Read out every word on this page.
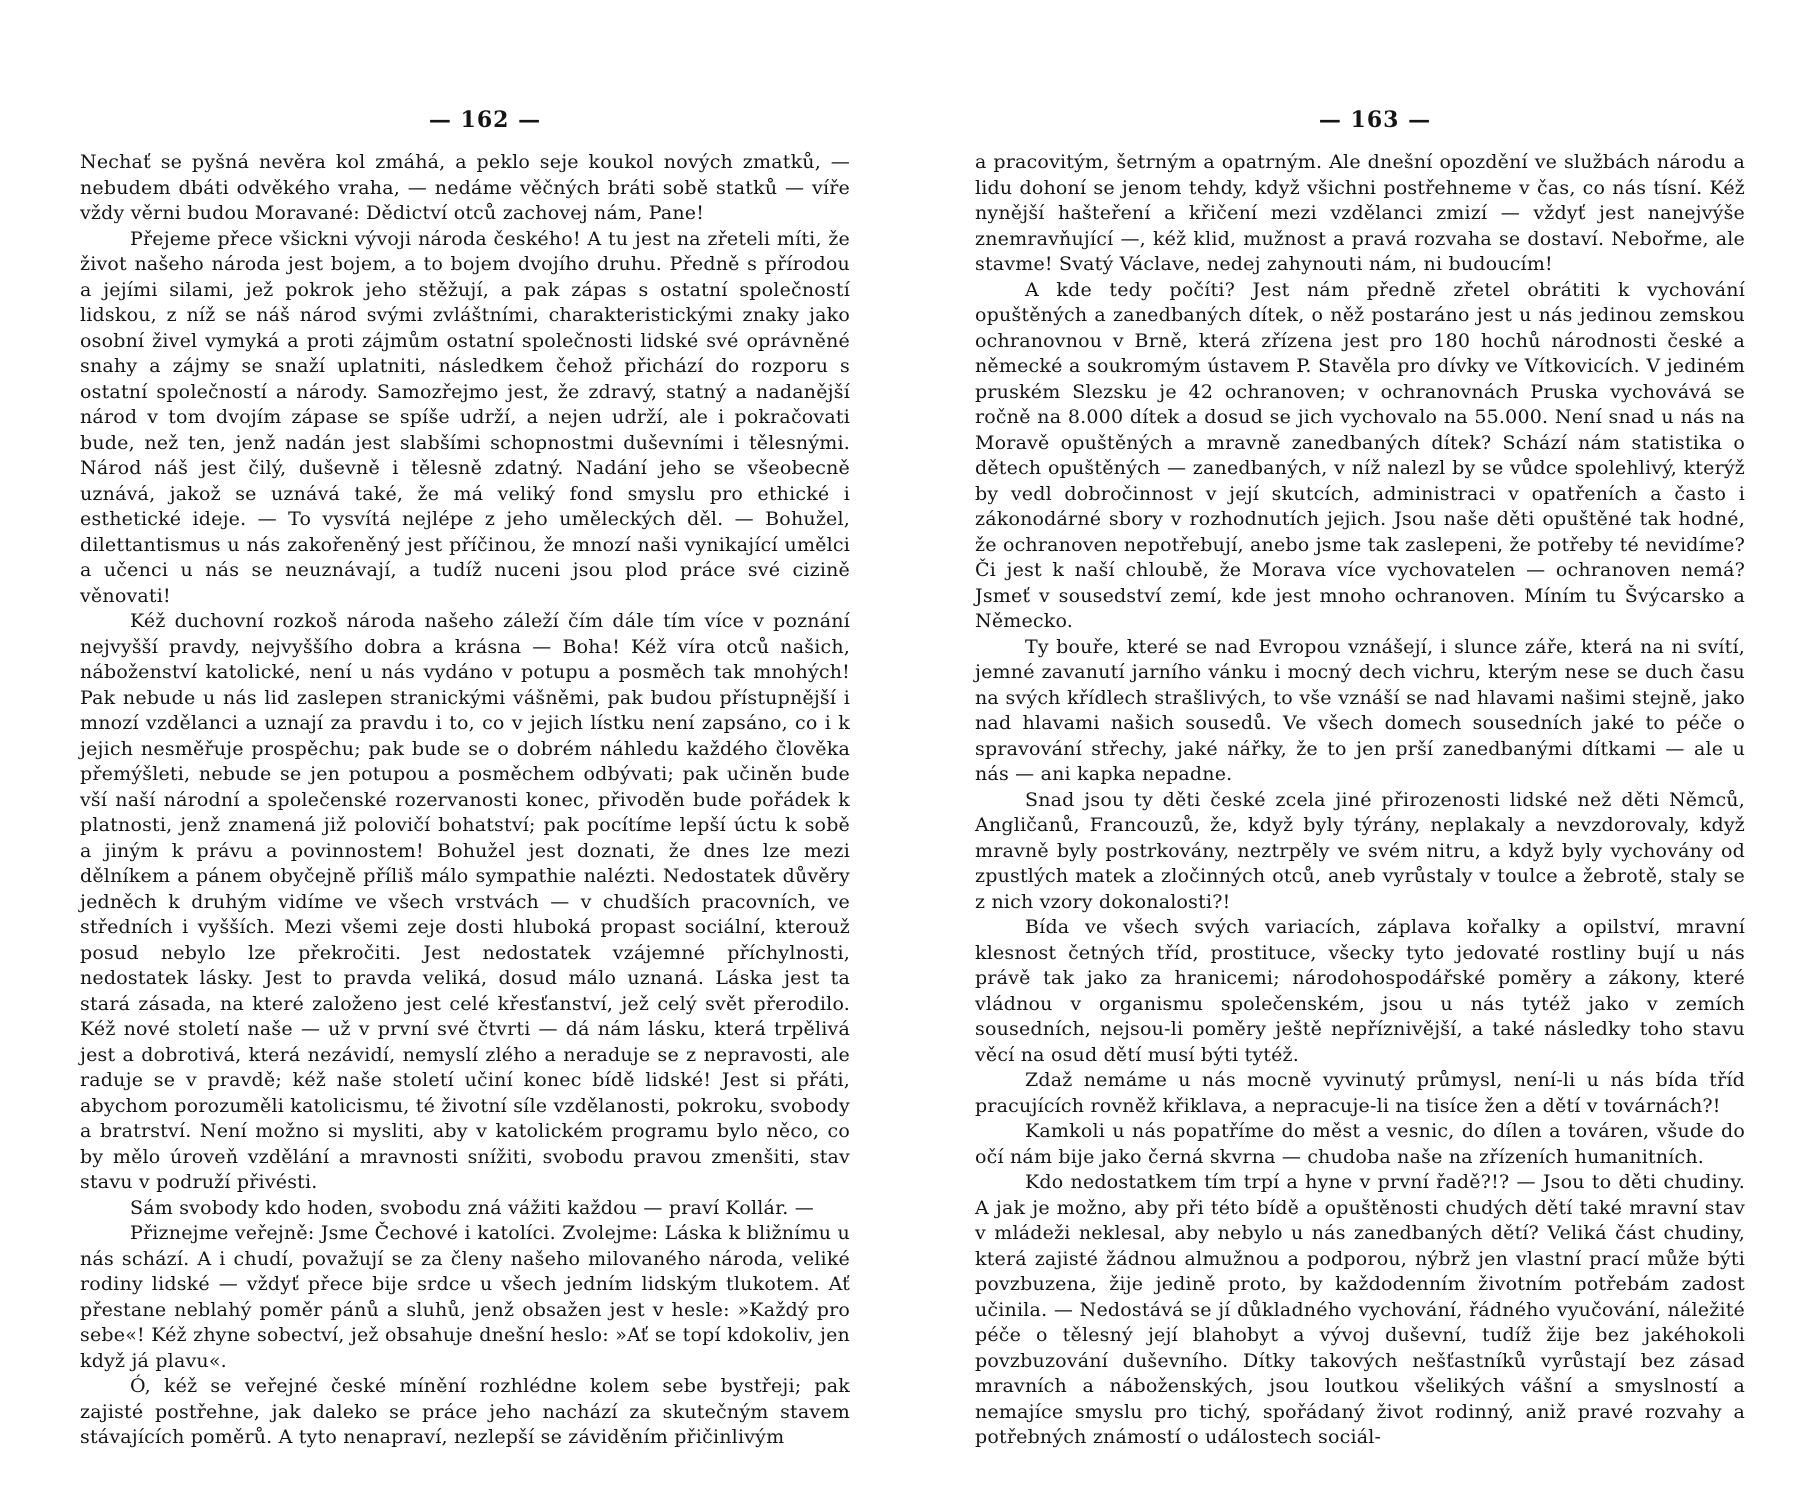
— 162 —

Nechať se pyšná nevěra kol zmáhá, a peklo seje koukol nových zmatků, — nebudem dbáti odvěkého vraha, — nedáme věčných bráti sobě statků — víře vždy věrni budou Moravané: Dědictví otců zachovej nám, Pane!

Přejeme přece všickni vývoji národa českého! A tu jest na zřeteli míti, že život našeho národa jest bojem, a to bojem dvojího druhu. Předně s přírodou a jejími silami, jež pokrok jeho stěžují, a pak zápas s ostatní společností lidskou, z níž se náš národ svými zvláštními, charakteristickými znaky jako osobní živel vymyká a proti zájmům ostatní společnosti lidské své oprávněné snahy a zájmy se snaží uplatniti, následkem čehož přichází do rozporu s ostatní společností a národy. Samozřejmo jest, že zdravý, statný a nadanější národ v tom dvojím zápase se spíše udrží, a nejen udrží, ale i pokračovati bude, než ten, jenž nadán jest slabšími schopnostmi duševními i tělesnými. Národ náš jest čilý, duševně i tělesně zdatný. Nadání jeho se všeobecně uznává, jakož se uznává také, že má veliký fond smyslu pro ethické i esthetické ideje. — To vysvítá nejlépe z jeho uměleckých děl. — Bohužel, dilettantismus u nás zakořeněný jest příčinou, že mnozí naši vynikající umělci a učenci u nás se neuznávají, a tudíž nuceni jsou plod práce své cizině věnovati!

Kéž duchovní rozkoš národa našeho záleží čím dále tím více v poznání nejvyšší pravdy, nejvyššího dobra a krásna — Boha! Kéž víra otců našich, náboženství katolické, není u nás vydáno v potupu a posměch tak mnohých! Pak nebude u nás lid zaslepen stranickými vášněmi, pak budou přístupnější i mnozí vzdělanci a uznají za pravdu i to, co v jejich lístku není zapsáno, co i k jejich nesměřuje prospěchu; pak bude se o dobrém náhledu každého člověka přemýšleti, nebude se jen potupou a posměchem odbývati; pak učiněn bude vší naší národní a společenské rozervanosti konec, přivoděn bude pořádek k platnosti, jenž znamená již polovičí bohatství; pak pocítíme lepší úctu k sobě a jiným k právu a povinnostem! Bohužel jest doznati, že dnes lze mezi dělníkem a pánem obyčejně příliš málo sympathie nalézti. Nedostatek důvěry jedněch k druhým vidíme ve všech vrstvách — v chudších pracovních, ve středních i vyšších. Mezi všemi zeje dosti hluboká propast sociální, kterouž posud nebylo lze překročiti. Jest nedostatek vzájemné příchylnosti, nedostatek lásky. Jest to pravda veliká, dosud málo uznaná. Láska jest ta stará zásada, na které založeno jest celé křesťanství, jež celý svět přerodilo. Kéž nové století naše — už v první své čtvrti — dá nám lásku, která trpělivá jest a dobrotivá, která nezávidí, nemyslí zlého a neraduje se z nepravosti, ale raduje se v pravdě; kéž naše století učiní konec bídě lidské! Jest si přáti, abychom porozuměli katolicismu, té životní síle vzdělanosti, pokroku, svobody a bratrství. Není možno si mysliti, aby v katolickém programu bylo něco, co by mělo úroveň vzdělání a mravnosti snížiti, svobodu pravou zmenšiti, stav stavu v podruží přivésti.

Sám svobody kdo hoden, svobodu zná vážiti každou — praví Kollár. —

Přiznejme veřejně: Jsme Čechové i katolíci. Zvolejme: Láska k bližnímu u nás schází. A i chudí, považují se za členy našeho milovaného národa, veliké rodiny lidské — vždyť přece bije srdce u všech jedním lidským tlukotem. Ať přestane neblahý poměr pánů a sluhů, jenž obsažen jest v hesle: »Každý pro sebe«! Kéž zhyne sobectví, jež obsahuje dnešní heslo: »Ať se topí kdokoliv, jen když já plavu«.

Ó, kéž se veřejné české mínění rozhlédne kolem sebe bystřeji; pak zajisté postřehne, jak daleko se práce jeho nachází za skutečným stavem stávajících poměrů. A tyto nenapraví, nezlepší se záviděním přičinlivým

— 163 —

a pracovitým, šetrným a opatrným. Ale dnešní opozdění ve službách národu a lidu dohoní se jenom tehdy, když všichni postřehneme v čas, co nás tísní. Kéž nynější hašteření a křičení mezi vzdělanci zmizí — vždyť jest nanejvýše znemravňující —, kéž klid, mužnost a pravá rozvaha se dostaví. Nebořme, ale stavme! Svatý Václave, nedej zahynouti nám, ni budoucím!

A kde tedy počíti? Jest nám předně zřetel obrátiti k vychování opuštěných a zanedbaných dítek, o něž postaráno jest u nás jedinou zemskou ochranovnou v Brně, která zřízena jest pro 180 hochů národnosti české a německé a soukromým ústavem P. Stavěla pro dívky ve Vítkovicích. V jediném pruském Slezsku je 42 ochranoven; v ochranovnách Pruska vychovává se ročně na 8.000 dítek a dosud se jich vychovalo na 55.000. Není snad u nás na Moravě opuštěných a mravně zanedbaných dítek? Schází nám statistika o dětech opuštěných — zanedbaných, v níž nalezl by se vůdce spolehlivý, kterýž by vedl dobročinnost v její skutcích, administraci v opatřeních a často i zákonodárné sbory v rozhodnutích jejich. Jsou naše děti opuštěné tak hodné, že ochranoven nepotřebují, anebo jsme tak zaslepeni, že potřeby té nevidíme? Či jest k naší chloubě, že Morava více vychovatelen — ochranoven nemá? Jsmeť v sousedství zemí, kde jest mnoho ochranoven. Míním tu Švýcarsko a Německo.

Ty bouře, které se nad Evropou vznášejí, i slunce záře, která na ni svítí, jemné zavanutí jarního vánku i mocný dech vichru, kterým nese se duch času na svých křídlech strašlivých, to vše vznáší se nad hlavami našimi stejně, jako nad hlavami našich sousedů. Ve všech domech sousedních jaké to péče o spravování střechy, jaké nářky, že to jen prší zanedbanými dítkami — ale u nás — ani kapka nepadne.

Snad jsou ty děti české zcela jiné přirozenosti lidské než děti Němců, Angličanů, Francouzů, že, když byly týrány, neplakaly a nevzdorovaly, když mravně byly postrkovány, neztrpěly ve svém nitru, a když byly vychovány od zpustlých matek a zločinných otců, aneb vyrůstaly v toulce a žebrotě, staly se z nich vzory dokonalosti?!

Bída ve všech svých variacích, záplava kořalky a opilství, mravní klesnost četných tříd, prostituce, všecky tyto jedovaté rostliny bují u nás právě tak jako za hranicemi; národohospodářské poměry a zákony, které vládnou v organismu společenském, jsou u nás tytéž jako v zemích sousedních, nejsou-li poměry ještě nepříznivější, a také následky toho stavu věcí na osud dětí musí býti tytéž.

Zdaž nemáme u nás mocně vyvinutý průmysl, není-li u nás bída tříd pracujících rovněž křiklava, a nepracuje-li na tisíce žen a dětí v továrnách?!

Kamkoli u nás popatříme do měst a vesnic, do dílen a továren, všude do očí nám bije jako černá skvrna — chudoba naše na zřízeních humanitních.

Kdo nedostatkem tím trpí a hyne v první řadě?!? — Jsou to děti chudiny. A jak je možno, aby při této bídě a opuštěnosti chudých dětí také mravní stav v mládeži neklesal, aby nebylo u nás zanedbaných dětí? Veliká část chudiny, která zajisté žádnou almužnou a podporou, nýbrž jen vlastní prací může býti povzbuzena, žije jedině proto, by každodenním životním potřebám zadost učinila. — Nedostává se jí důkladného vychování, řádného vyučování, náležité péče o tělesný její blahobyt a vývoj duševní, tudíž žije bez jakéhokoli povzbuzování duševního. Dítky takových nešťastníků vyrůstají bez zásad mravních a náboženských, jsou loutkou všelikých vášní a smyslností a nemajíce smyslu pro tichý, spořádaný život rodinný, aniž pravé rozvahy a potřebných známostí o událostech sociál-
